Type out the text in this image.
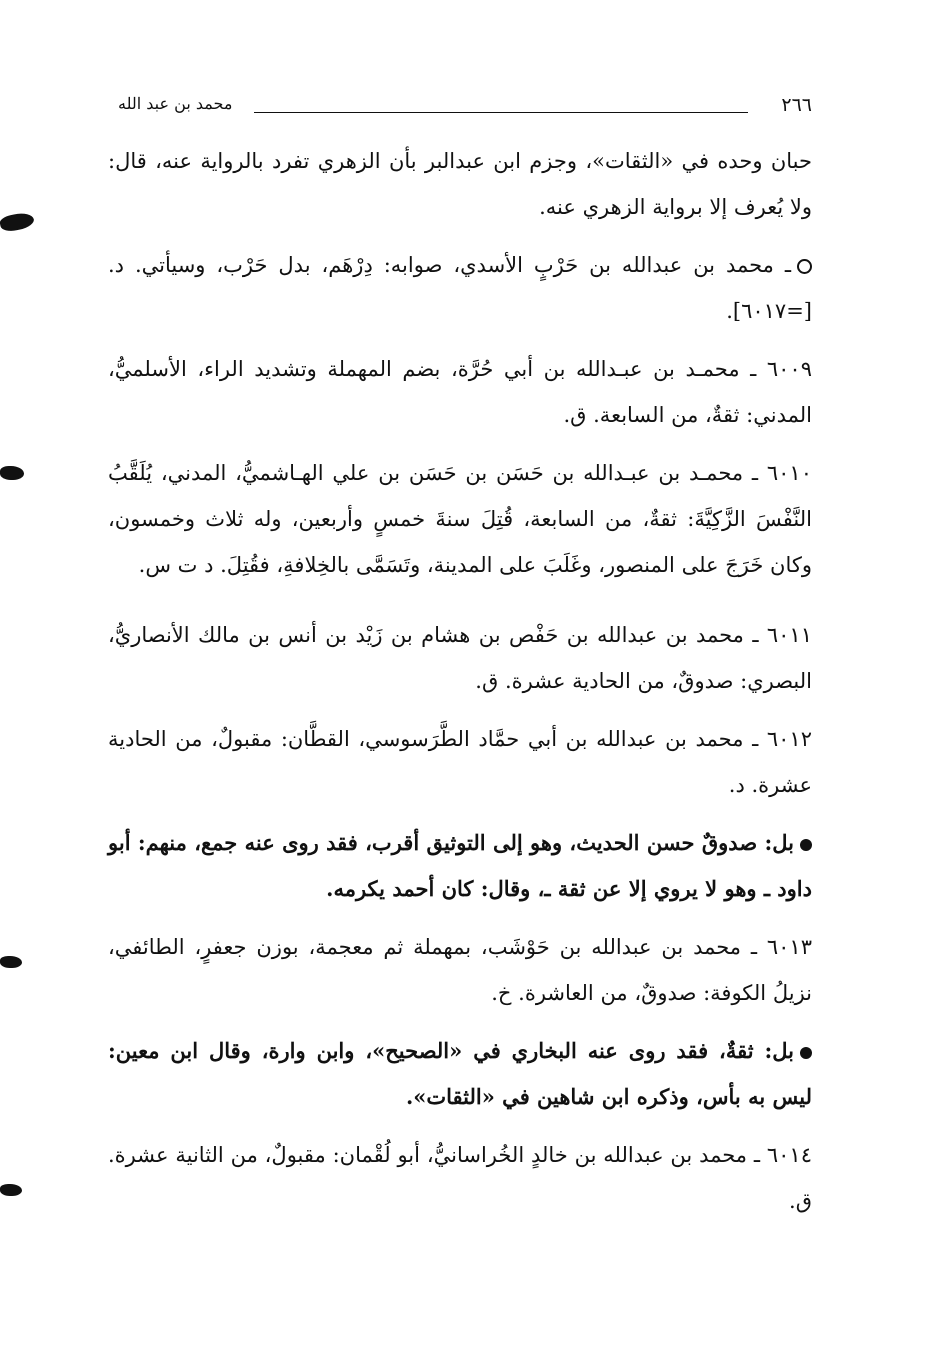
٢٦٦
محمد بن عبد الله

حبان وحده في «الثقات»، وجزم ابن عبدالبر بأن الزهري تفرد بالرواية عنه، قال: ولا يُعرف إلا برواية الزهري عنه.

ـ محمد بن عبدالله بن حَرْبٍ الأسدي، صوابه: دِرْهَم، بدل حَرْب، وسيأتي. د. [=٦٠١٧].

٦٠٠٩ ـ محمـد بن عبـدالله بن أبي حُرَّة، بضم المهملة وتشديد الراء، الأسلميُّ، المدني: ثقةٌ، من السابعة. ق.

٦٠١٠ ـ محمـد بن عبـدالله بن حَسَن بن حَسَن بن علي الهـاشميُّ، المدني، يُلَقَّبُ النَّفْسَ الزَّكِيَّةَ: ثقةٌ، من السابعة، قُتِلَ سنةَ خمسٍ وأربعين، وله ثلاث وخمسون، وكان خَرَجَ على المنصور، وغَلَبَ على المدينة، وتَسَمَّى بالخِلافةِ، فقُتِلَ. د ت س.

٦٠١١ ـ محمد بن عبدالله بن حَفْص بن هشام بن زَيْد بن أنس بن مالك الأنصاريُّ، البصري: صدوقٌ، من الحادية عشرة. ق.

٦٠١٢ ـ محمد بن عبدالله بن أبي حمَّاد الطَّرَسوسي، القطَّان: مقبولٌ، من الحادية عشرة. د.

بل: صدوقٌ حسن الحديث، وهو إلى التوثيق أقرب، فقد روى عنه جمع، منهم: أبو داود ـ وهو لا يروي إلا عن ثقة ـ، وقال: كان أحمد يكرمه.

٦٠١٣ ـ محمد بن عبدالله بن حَوْشَب، بمهملة ثم معجمة، بوزن جعفرٍ، الطائفي، نزيلُ الكوفة: صدوقٌ، من العاشرة. خ.

بل: ثقةٌ، فقد روى عنه البخاري في «الصحيح»، وابن وارة، وقال ابن معين: ليس به بأس، وذكره ابن شاهين في «الثقات».

٦٠١٤ ـ محمد بن عبدالله بن خالدٍ الخُراسانيُّ، أبو لُقْمان: مقبولٌ، من الثانية عشرة. ق.
